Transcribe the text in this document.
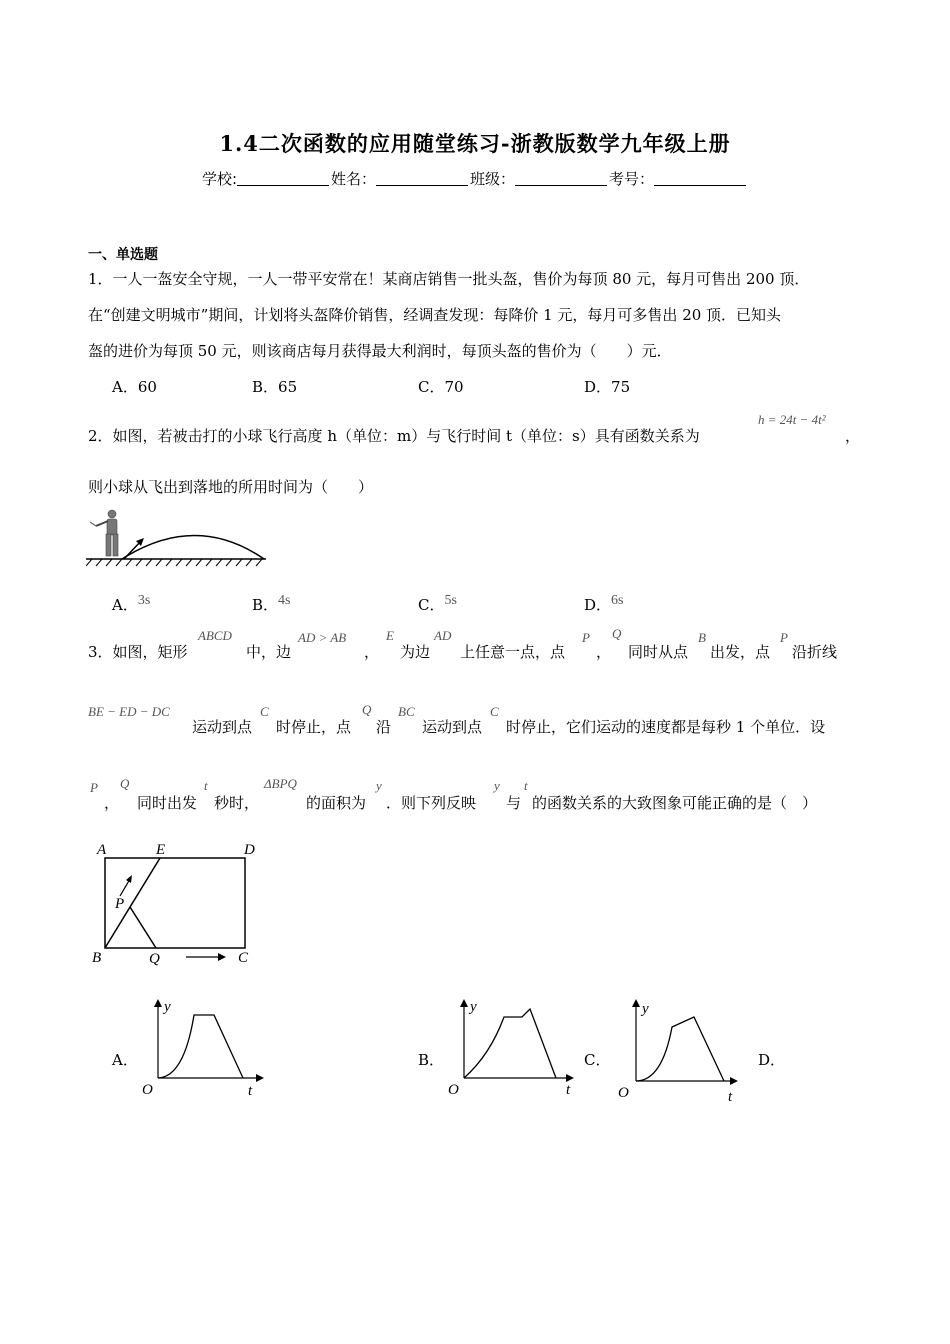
1.4二次函数的应用随堂练习-浙教版数学九年级上册
学校:	姓名：	班级：	考号：
一、单选题
1．一人一盔安全守规，一人一带平安常在！某商店销售一批头盔，售价为每顶 80 元，每月可售出 200 顶．
在“创建文明城市”期间，计划将头盔降价销售，经调查发现：每降价 1 元，每月可多售出 20 顶．已知头
盔的进价为每顶 50 元，则该商店每月获得最大利润时，每顶头盔的售价为（　　）元．
A．60	B．65	C．70	D．75
2．如图，若被击打的小球飞行高度 h（单位：m）与飞行时间 t（单位：s）具有函数关系为
h = 24t − 4t²
，
则小球从飞出到落地的所用时间为（　　）
A．3s	B．4s	C．5s	D．6s
3．如图，矩形
ABCD
中，边
AD > AB
，
E
为边
AD
上任意一点，点
P
，
Q
同时从点
B
出发，点
P
沿折线
BE − ED − DC
运动到点
C
时停止，点
Q
沿
BC
运动到点
C
时停止，它们运动的速度都是每秒 1 个单位．设
P
，
Q
同时出发
t
秒时，
ΔBPQ
的面积为
y
．则下列反映
y
与
t
的函数关系的大致图象可能正确的是（　）
A	E	D
P
B	Q	C
A．
y
t
O
B．
y
t
O
C．
y
t
O
D．
